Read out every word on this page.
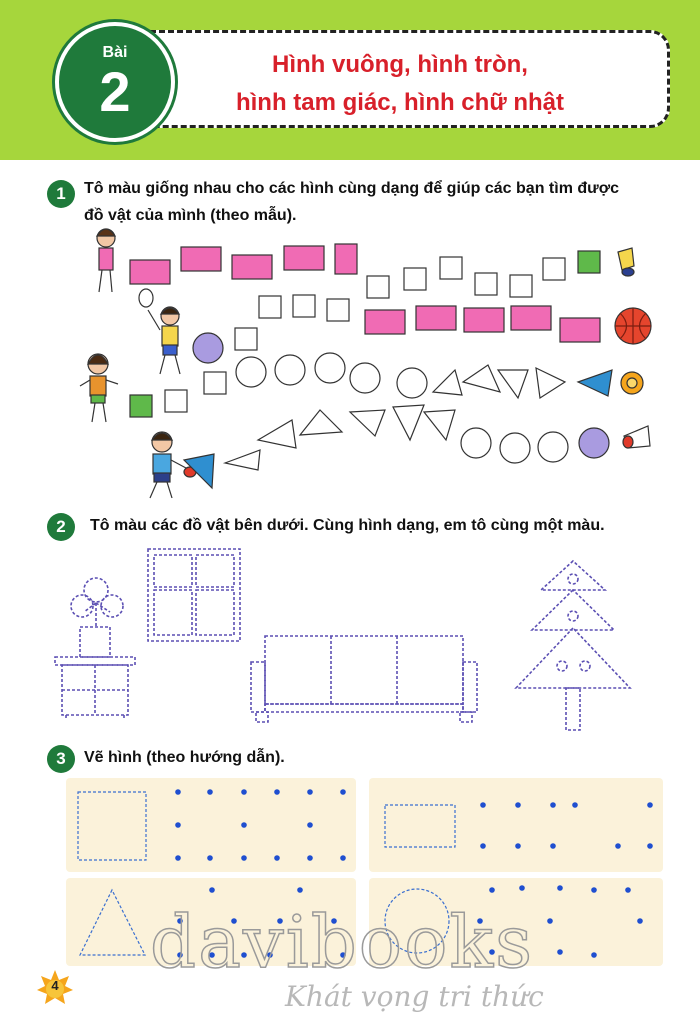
Hình vuông, hình tròn,
hình tam giác, hình chữ nhật
Bài
2
1	Tô màu giống nhau cho các hình cùng dạng để giúp các bạn tìm được
đồ vật của mình (theo mẫu).
2	Tô màu các đồ vật bên dưới. Cùng hình dạng, em tô cùng một màu.
3	Vẽ hình (theo hướng dẫn).
davibooks
Khát vọng tri thức
4
